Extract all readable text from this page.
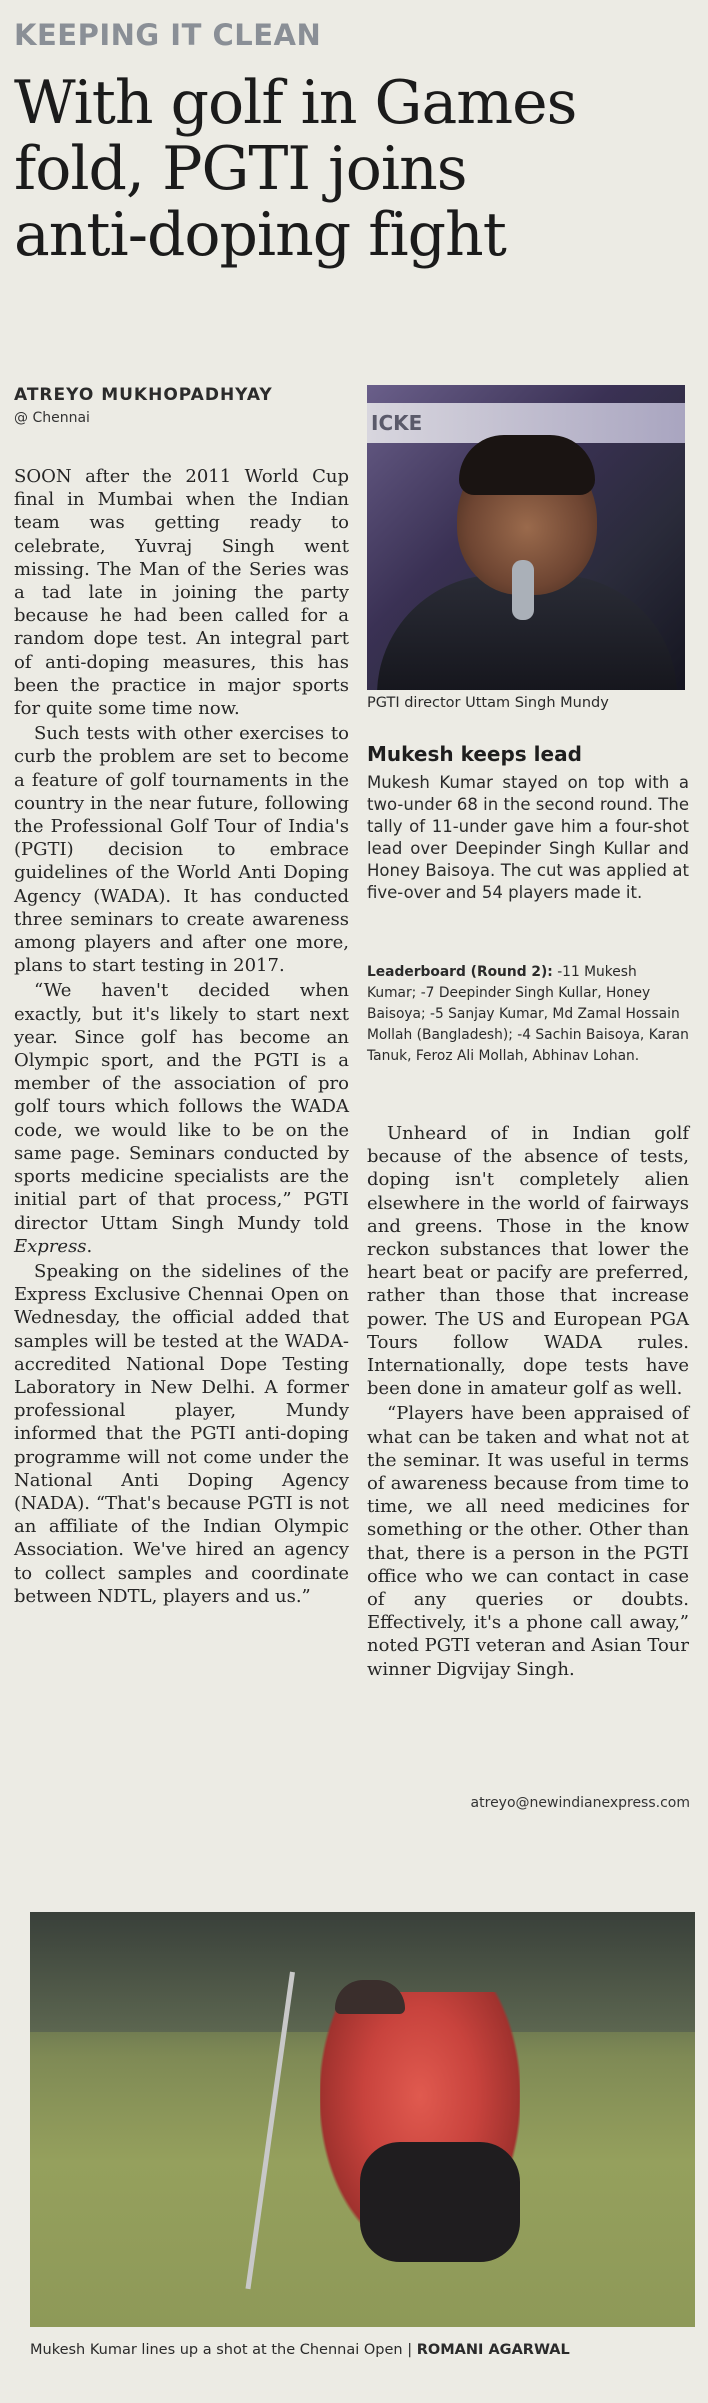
KEEPING IT CLEAN
With golf in Games
fold, PGTI joins
anti-doping fight
ATREYO MUKHOPADHYAY
@ Chennai

SOON after the 2011 World Cup final in Mumbai when the Indian team was getting ready to celebrate, Yuvraj Singh went missing. The Man of the Series was a tad late in joining the party because he had been called for a random dope test. An integral part of anti-doping measures, this has been the practice in major sports for quite some time now.

Such tests with other exercises to curb the problem are set to become a feature of golf tournaments in the country in the near future, following the Professional Golf Tour of India's (PGTI) decision to embrace guidelines of the World Anti Doping Agency (WADA). It has conducted three seminars to create awareness among players and after one more, plans to start testing in 2017.

“We haven't decided when exactly, but it's likely to start next year. Since golf has become an Olympic sport, and the PGTI is a member of the association of pro golf tours which follows the WADA code, we would like to be on the same page. Seminars conducted by sports medicine specialists are the initial part of that process,” PGTI director Uttam Singh Mundy told Express.

Speaking on the sidelines of the Express Exclusive Chennai Open on Wednesday, the official added that samples will be tested at the WADA-accredited National Dope Testing Laboratory in New Delhi. A former professional player, Mundy informed that the PGTI anti-doping programme will not come under the National Anti Doping Agency (NADA). “That's because PGTI is not an affiliate of the Indian Olympic Association. We've hired an agency to collect samples and coordinate between NDTL, players and us.”

ICKE
PGTI director Uttam Singh Mundy
Mukesh keeps lead
Mukesh Kumar stayed on top with a two-under 68 in the second round. The tally of 11-under gave him a four-shot lead over Deepinder Singh Kullar and Honey Baisoya. The cut was applied at five-over and 54 players made it.
Leaderboard (Round 2): -11 Mukesh Kumar; -7 Deepinder Singh Kullar, Honey Baisoya; -5 Sanjay Kumar, Md Zamal Hossain Mollah (Bangladesh); -4 Sachin Baisoya, Karan Tanuk, Feroz Ali Mollah, Abhinav Lohan.

Unheard of in Indian golf because of the absence of tests, doping isn't completely alien elsewhere in the world of fairways and greens. Those in the know reckon substances that lower the heart beat or pacify are preferred, rather than those that increase power. The US and European PGA Tours follow WADA rules. Internationally, dope tests have been done in amateur golf as well.

“Players have been appraised of what can be taken and what not at the seminar. It was useful in terms of awareness because from time to time, we all need medicines for something or the other. Other than that, there is a person in the PGTI office who we can contact in case of any queries or doubts. Effectively, it's a phone call away,” noted PGTI veteran and Asian Tour winner Digvijay Singh.

atreyo@newindianexpress.com
Mukesh Kumar lines up a shot at the Chennai Open | ROMANI AGARWAL
